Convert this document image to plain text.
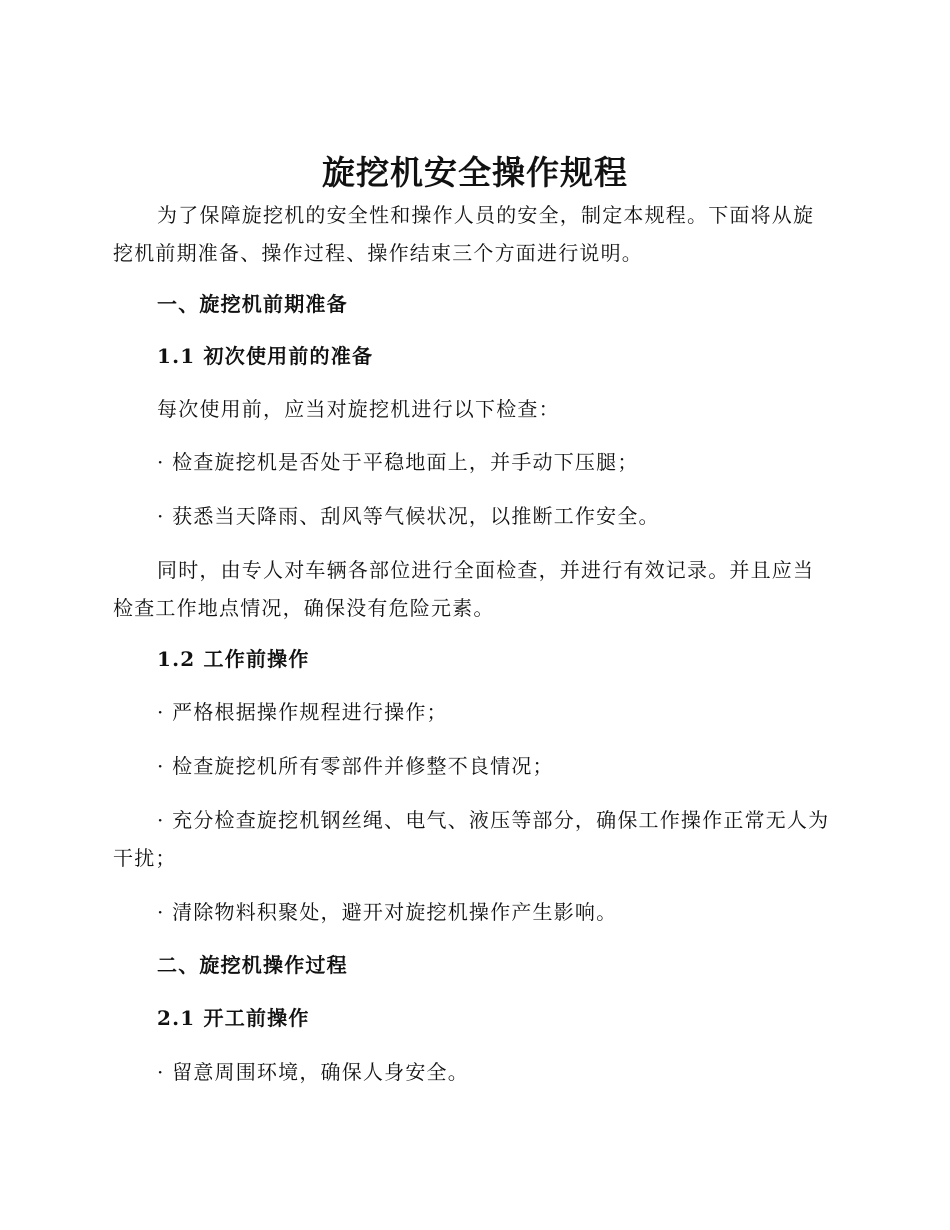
旋挖机安全操作规程

为了保障旋挖机的安全性和操作人员的安全，制定本规程。下面将从旋挖机前期准备、操作过程、操作结束三个方面进行说明。

一、旋挖机前期准备

1.1 初次使用前的准备

每次使用前，应当对旋挖机进行以下检查：

· 检查旋挖机是否处于平稳地面上，并手动下压腿；

· 获悉当天降雨、刮风等气候状况，以推断工作安全。

同时，由专人对车辆各部位进行全面检查，并进行有效记录。并且应当检查工作地点情况，确保没有危险元素。

1.2 工作前操作

· 严格根据操作规程进行操作；

· 检查旋挖机所有零部件并修整不良情况；

· 充分检查旋挖机钢丝绳、电气、液压等部分，确保工作操作正常无人为干扰；

· 清除物料积聚处，避开对旋挖机操作产生影响。

二、旋挖机操作过程

2.1 开工前操作

· 留意周围环境，确保人身安全。
